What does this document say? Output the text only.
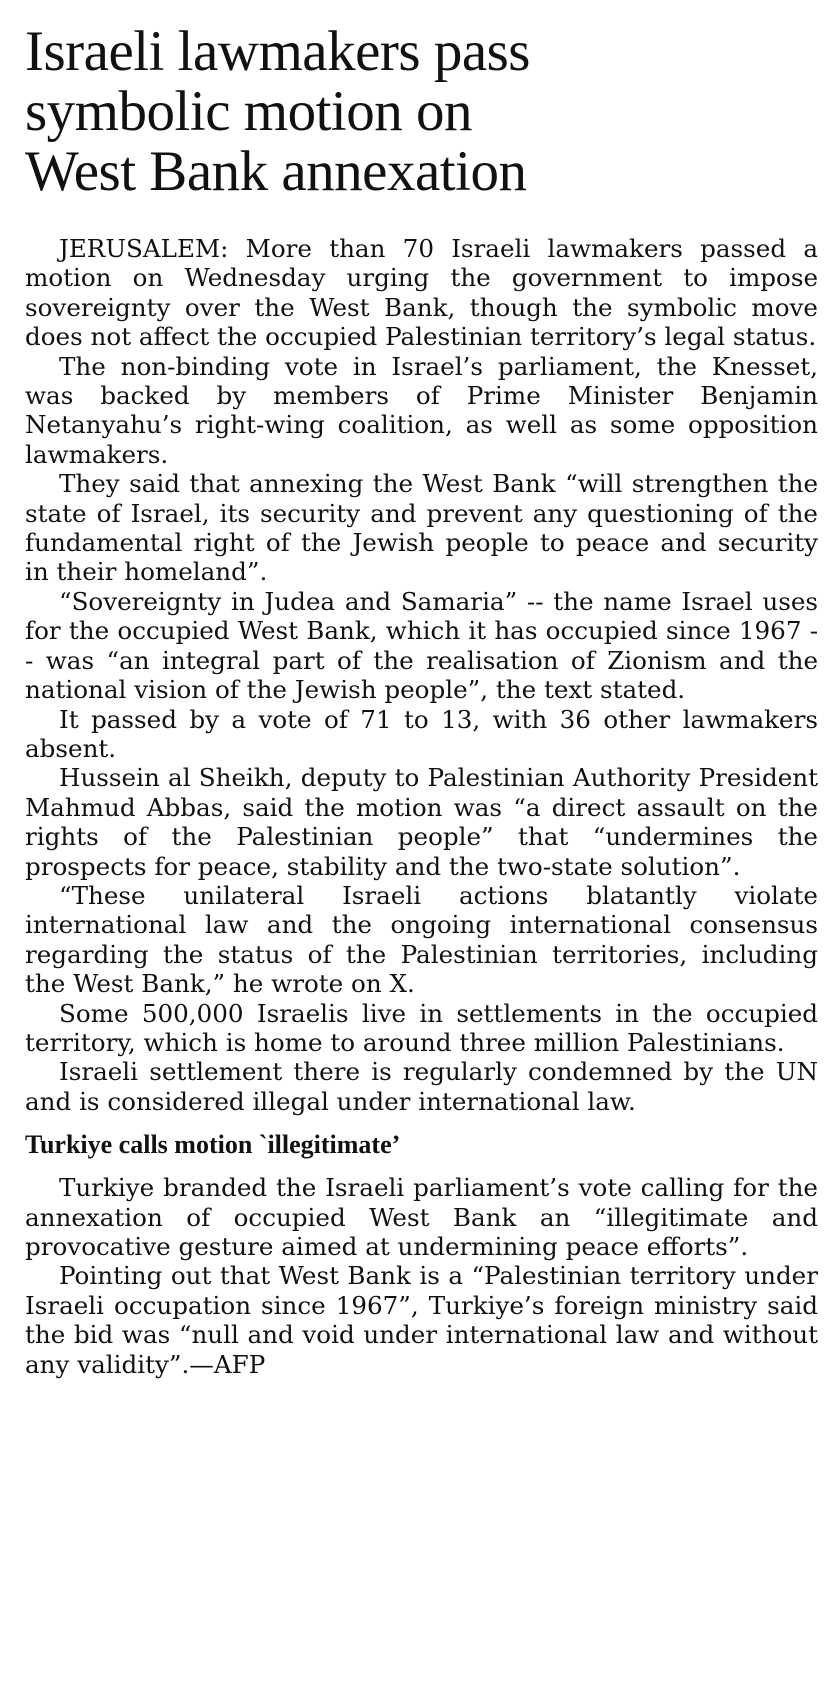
Israeli lawmakers pass
symbolic motion on
West Bank annexation

JERUSALEM: More than 70 Israeli lawmakers passed a motion on Wednesday urging the government to impose sovereignty over the West Bank, though the symbolic move does not affect the occupied Palestinian territory’s legal status.

The non-binding vote in Israel’s parliament, the Knesset, was backed by members of Prime Minister Benjamin Netanyahu’s right-wing coalition, as well as some opposition lawmakers.

They said that annexing the West Bank “will strengthen the state of Israel, its security and prevent any questioning of the fundamental right of the Jewish people to peace and security in their homeland”.

“Sovereignty in Judea and Samaria” -- the name Israel uses for the occupied West Bank, which it has occupied since 1967 -- was “an integral part of the realisation of Zionism and the national vision of the Jewish people”, the text stated.

It passed by a vote of 71 to 13, with 36 other lawmakers absent.

Hussein al Sheikh, deputy to Palestinian Authority President Mahmud Abbas, said the motion was “a direct assault on the rights of the Palestinian people” that “undermines the prospects for peace, stability and the two-state solution”.

“These unilateral Israeli actions blatantly violate international law and the ongoing international consensus regarding the status of the Palestinian territories, including the West Bank,” he wrote on X.

Some 500,000 Israelis live in settlements in the occupied territory, which is home to around three million Palestinians.

Israeli settlement there is regularly condemned by the UN and is considered illegal under international law.

Turkiye calls motion `illegitimate’

Turkiye branded the Israeli parliament’s vote calling for the annexation of occupied West Bank an “illegitimate and provocative gesture aimed at undermining peace efforts”.

Pointing out that West Bank is a “Palestinian territory under Israeli occupation since 1967”, Turkiye’s foreign ministry said the bid was “null and void under international law and without any validity”.—AFP
